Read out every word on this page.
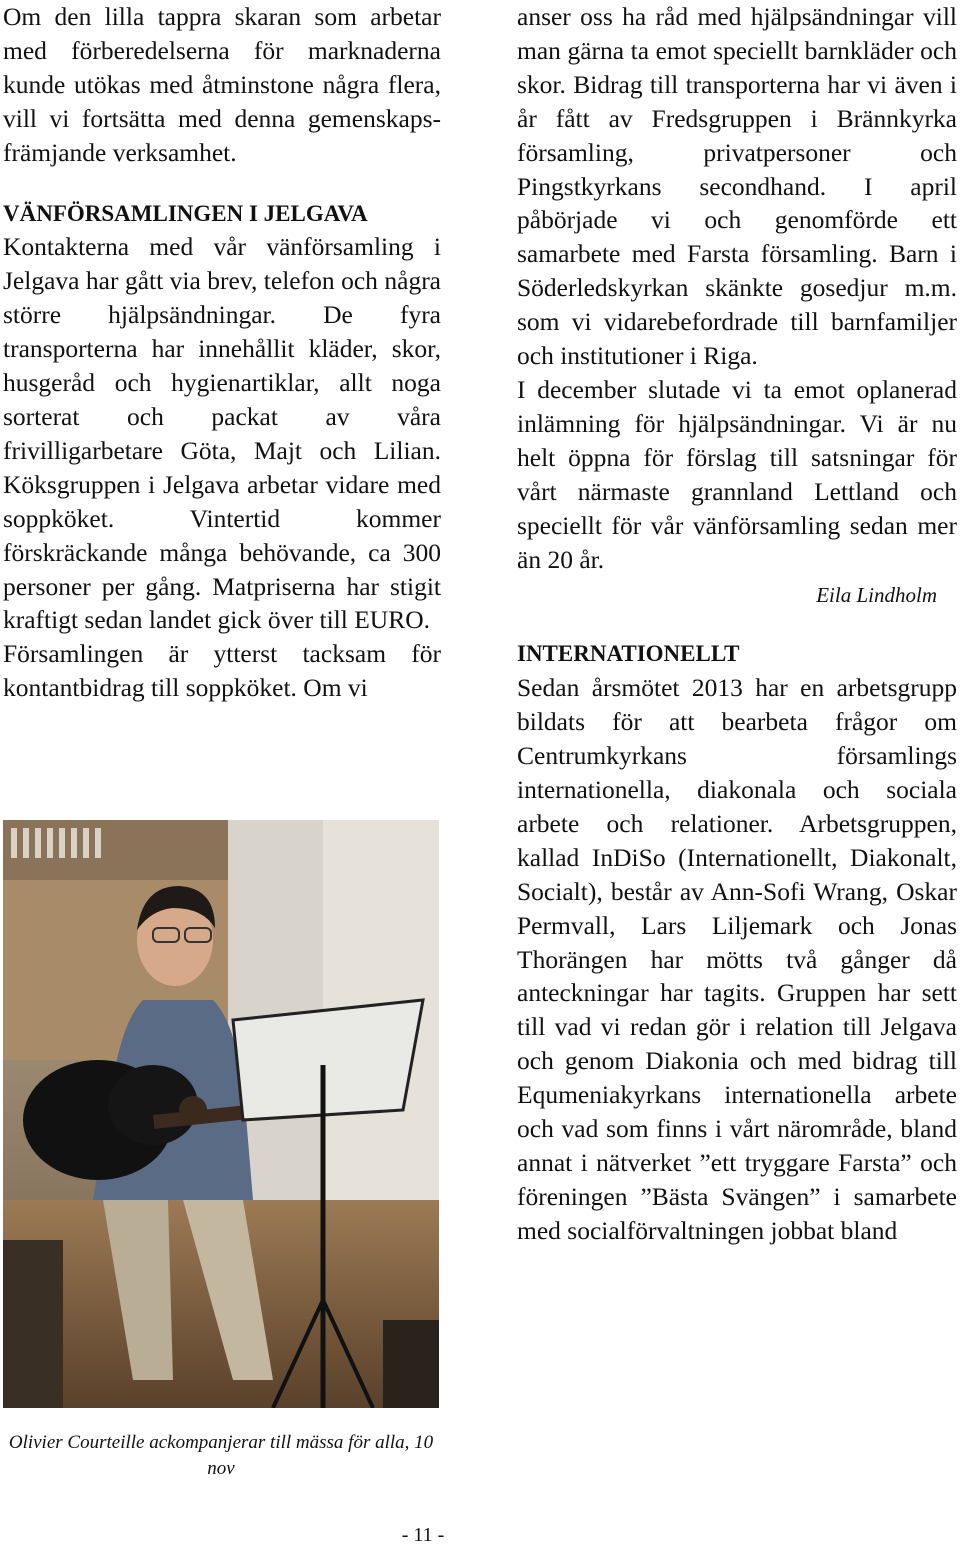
Om den lilla tappra skaran som arbetar med förberedelserna för marknaderna kunde utökas med åtminstone några flera, vill vi fortsätta med denna gemenskaps-främjande verksamhet.

VÄNFÖRSAMLINGEN I JELGAVA

Kontakterna med vår vänförsamling i Jelgava har gått via brev, telefon och några större hjälpsändningar. De fyra transporterna har innehållit kläder, skor, husgeråd och hygienartiklar, allt noga sorterat och packat av våra frivilligarbetare Göta, Majt och Lilian. Köksgruppen i Jelgava arbetar vidare med soppköket. Vintertid kommer förskräckande många behövande, ca 300 personer per gång. Matpriserna har stigit kraftigt sedan landet gick över till EURO.

Församlingen är ytterst tacksam för kontantbidrag till soppköket. Om vi

Olivier Courteille ackompanjerar till mässa för alla, 10 nov

anser oss ha råd med hjälpsändningar vill man gärna ta emot speciellt barnkläder och skor. Bidrag till transporterna har vi även i år fått av Fredsgruppen i Brännkyrka församling, privatpersoner och Pingstkyrkans secondhand. I april påbörjade vi och genomförde ett samarbete med Farsta församling. Barn i Söderledskyrkan skänkte gosedjur m.m. som vi vidarebefordrade till barnfamiljer och institutioner i Riga.

I december slutade vi ta emot oplanerad inlämning för hjälpsändningar. Vi är nu helt öppna för förslag till satsningar för vårt närmaste grannland Lettland och speciellt för vår vänförsamling sedan mer än 20 år.

Eila Lindholm
INTERNATIONELLT

Sedan årsmötet 2013 har en arbetsgrupp bildats för att bearbeta frågor om Centrumkyrkans församlings internationella, diakonala och sociala arbete och relationer. Arbetsgruppen, kallad InDiSo (Internationellt, Diakonalt, Socialt), består av Ann-Sofi Wrang, Oskar Permvall, Lars Liljemark och Jonas Thorängen har mötts två gånger då anteckningar har tagits. Gruppen har sett till vad vi redan gör i relation till Jelgava och genom Diakonia och med bidrag till Equmeniakyrkans internationella arbete och vad som finns i vårt närområde, bland annat i nätverket ”ett tryggare Farsta” och föreningen ”Bästa Svängen” i samarbete med socialförvaltningen jobbat bland

- 11 -
